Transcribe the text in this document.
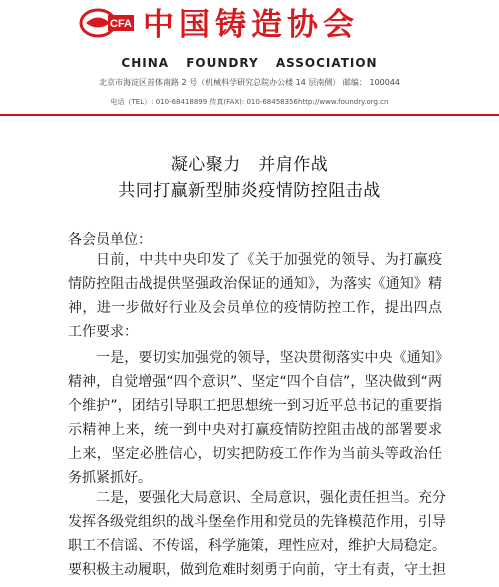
CFA 中国铸造协会
CHINA FOUNDRY ASSOCIATION
北京市海淀区首体南路 2 号（机械科学研究总院办公楼 14 层南侧） 邮编： 100044
电话（TEL）: 010-68418899 传真(FAX): 010-68458356http://www.foundry.org.cn
凝心聚力　并肩作战
共同打赢新型肺炎疫情防控阻击战
各会员单位：

日前，中共中央印发了《关于加强党的领导、为打赢疫情防控阻击战提供坚强政治保证的通知》，为落实《通知》精神，进一步做好行业及会员单位的疫情防控工作，提出四点工作要求：

一是，要切实加强党的领导，坚决贯彻落实中央《通知》精神，自觉增强“四个意识”、坚定“四个自信”，坚决做到“两个维护”，团结引导职工把思想统一到习近平总书记的重要指示精神上来，统一到中央对打赢疫情防控阻击战的部署要求上来，坚定必胜信心，切实把防疫工作作为当前头等政治任务抓紧抓好。

　　二是，要强化大局意识、全局意识，强化责任担当。充分
发挥各级党组织的战斗堡垒作用和党员的先锋模范作用，引导
职工不信谣、不传谣，科学施策，理性应对，维护大局稳定。
要积极主动履职，做到危难时刻勇于向前，守土有责，守土担
